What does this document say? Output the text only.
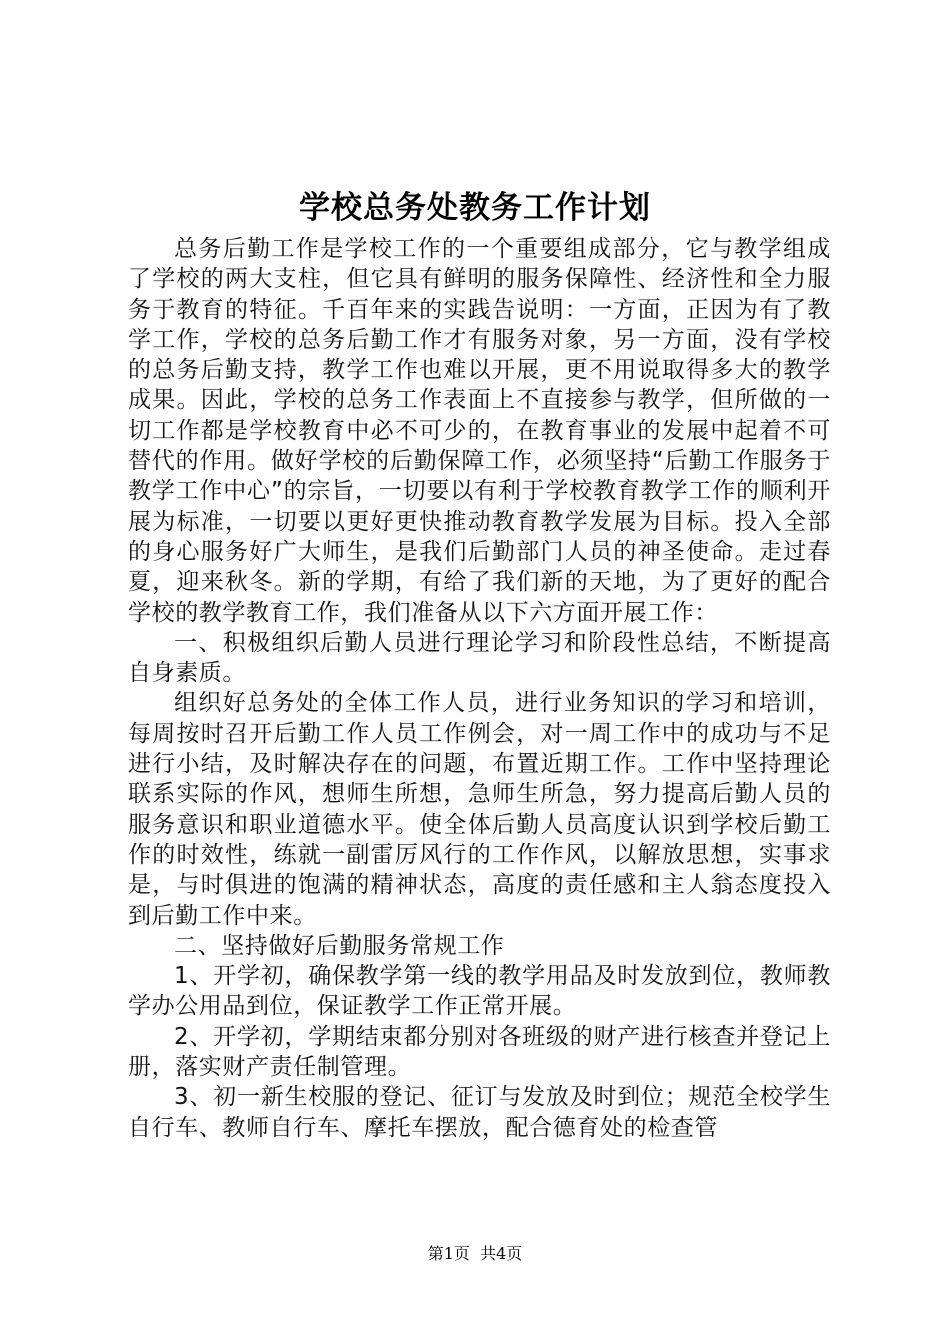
学校总务处教务工作计划

总务后勤工作是学校工作的一个重要组成部分，它与教学组成了学校的两大支柱，但它具有鲜明的服务保障性、经济性和全力服务于教育的特征。千百年来的实践告说明：一方面，正因为有了教学工作，学校的总务后勤工作才有服务对象，另一方面，没有学校的总务后勤支持，教学工作也难以开展，更不用说取得多大的教学成果。因此，学校的总务工作表面上不直接参与教学，但所做的一切工作都是学校教育中必不可少的，在教育事业的发展中起着不可替代的作用。做好学校的后勤保障工作，必须坚持“后勤工作服务于教学工作中心”的宗旨，一切要以有利于学校教育教学工作的顺利开展为标准，一切要以更好更快推动教育教学发展为目标。投入全部的身心服务好广大师生，是我们后勤部门人员的神圣使命。走过春夏，迎来秋冬。新的学期，有给了我们新的天地，为了更好的配合学校的教学教育工作，我们准备从以下六方面开展工作：

一、积极组织后勤人员进行理论学习和阶段性总结，不断提高自身素质。

组织好总务处的全体工作人员，进行业务知识的学习和培训，每周按时召开后勤工作人员工作例会，对一周工作中的成功与不足进行小结，及时解决存在的问题，布置近期工作。工作中坚持理论联系实际的作风，想师生所想，急师生所急，努力提高后勤人员的服务意识和职业道德水平。使全体后勤人员高度认识到学校后勤工作的时效性，练就一副雷厉风行的工作作风，以解放思想，实事求是，与时俱进的饱满的精神状态，高度的责任感和主人翁态度投入到后勤工作中来。

二、坚持做好后勤服务常规工作

1、开学初，确保教学第一线的教学用品及时发放到位，教师教学办公用品到位，保证教学工作正常开展。

2、开学初，学期结束都分别对各班级的财产进行核查并登记上册，落实财产责任制管理。

3、初一新生校服的登记、征订与发放及时到位；规范全校学生自行车、教师自行车、摩托车摆放，配合德育处的检查管

第1页 共4页
